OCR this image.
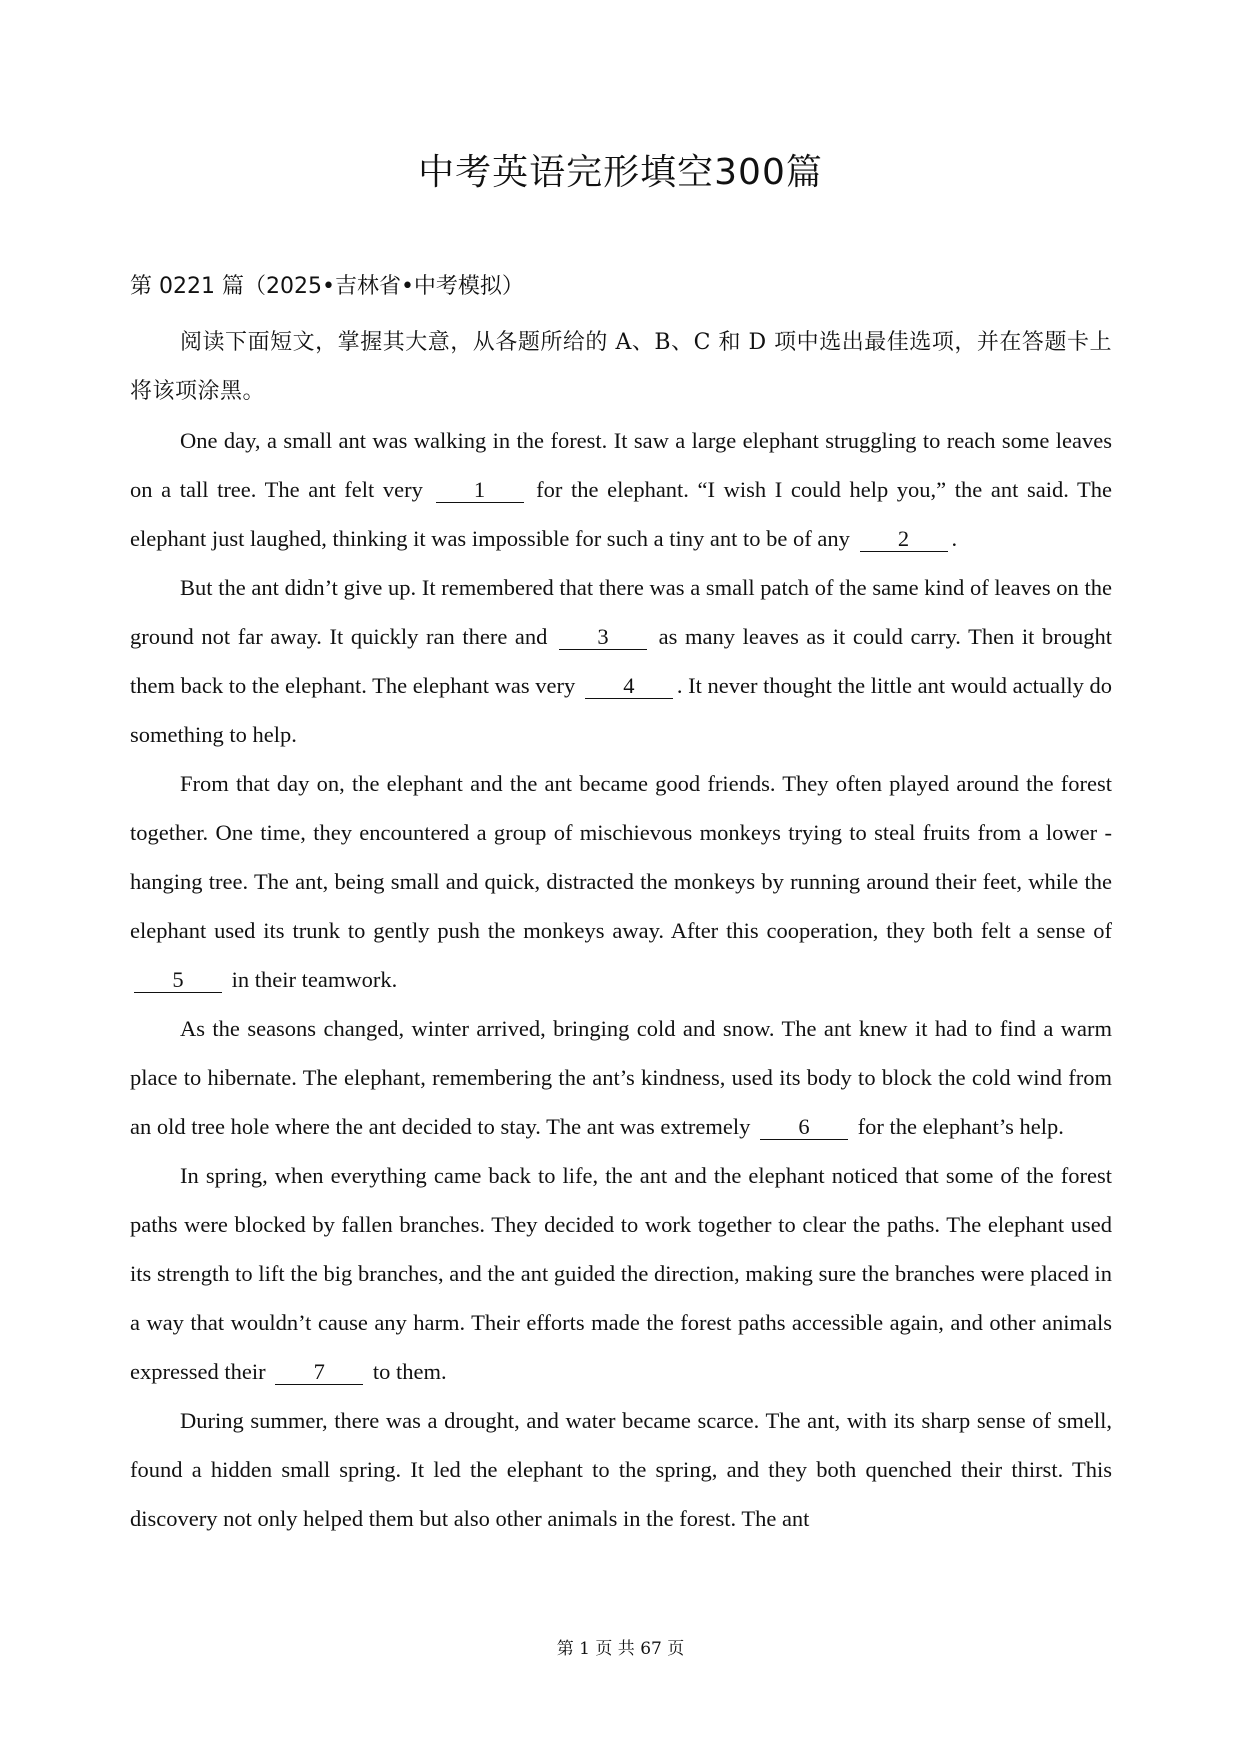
中考英语完形填空300篇
第 0221 篇（2025•吉林省•中考模拟）

阅读下面短文，掌握其大意，从各题所给的 A、B、C 和 D 项中选出最佳选项，并在答题卡上将该项涂黑。

One day, a small ant was walking in the forest. It saw a large elephant struggling to reach some leaves on a tall tree. The ant felt very 1 for the elephant. “I wish I could help you,” the ant said. The elephant just laughed, thinking it was impossible for such a tiny ant to be of any 2 .

But the ant didn’t give up. It remembered that there was a small patch of the same kind of leaves on the ground not far away. It quickly ran there and 3 as many leaves as it could carry. Then it brought them back to the elephant. The elephant was very 4 . It never thought the little ant would actually do something to help.

From that day on, the elephant and the ant became good friends. They often played around the forest together. One time, they encountered a group of mischievous monkeys trying to steal fruits from a lower - hanging tree. The ant, being small and quick, distracted the monkeys by running around their feet, while the elephant used its trunk to gently push the monkeys away. After this cooperation, they both felt a sense of 5 in their teamwork.

As the seasons changed, winter arrived, bringing cold and snow. The ant knew it had to find a warm place to hibernate. The elephant, remembering the ant’s kindness, used its body to block the cold wind from an old tree hole where the ant decided to stay. The ant was extremely 6 for the elephant’s help.

In spring, when everything came back to life, the ant and the elephant noticed that some of the forest paths were blocked by fallen branches. They decided to work together to clear the paths. The elephant used its strength to lift the big branches, and the ant guided the direction, making sure the branches were placed in a way that wouldn’t cause any harm. Their efforts made the forest paths accessible again, and other animals expressed their 7 to them.

During summer, there was a drought, and water became scarce. The ant, with its sharp sense of smell, found a hidden small spring. It led the elephant to the spring, and they both quenched their thirst. This discovery not only helped them but also other animals in the forest. The ant

第 1 页 共 67 页
